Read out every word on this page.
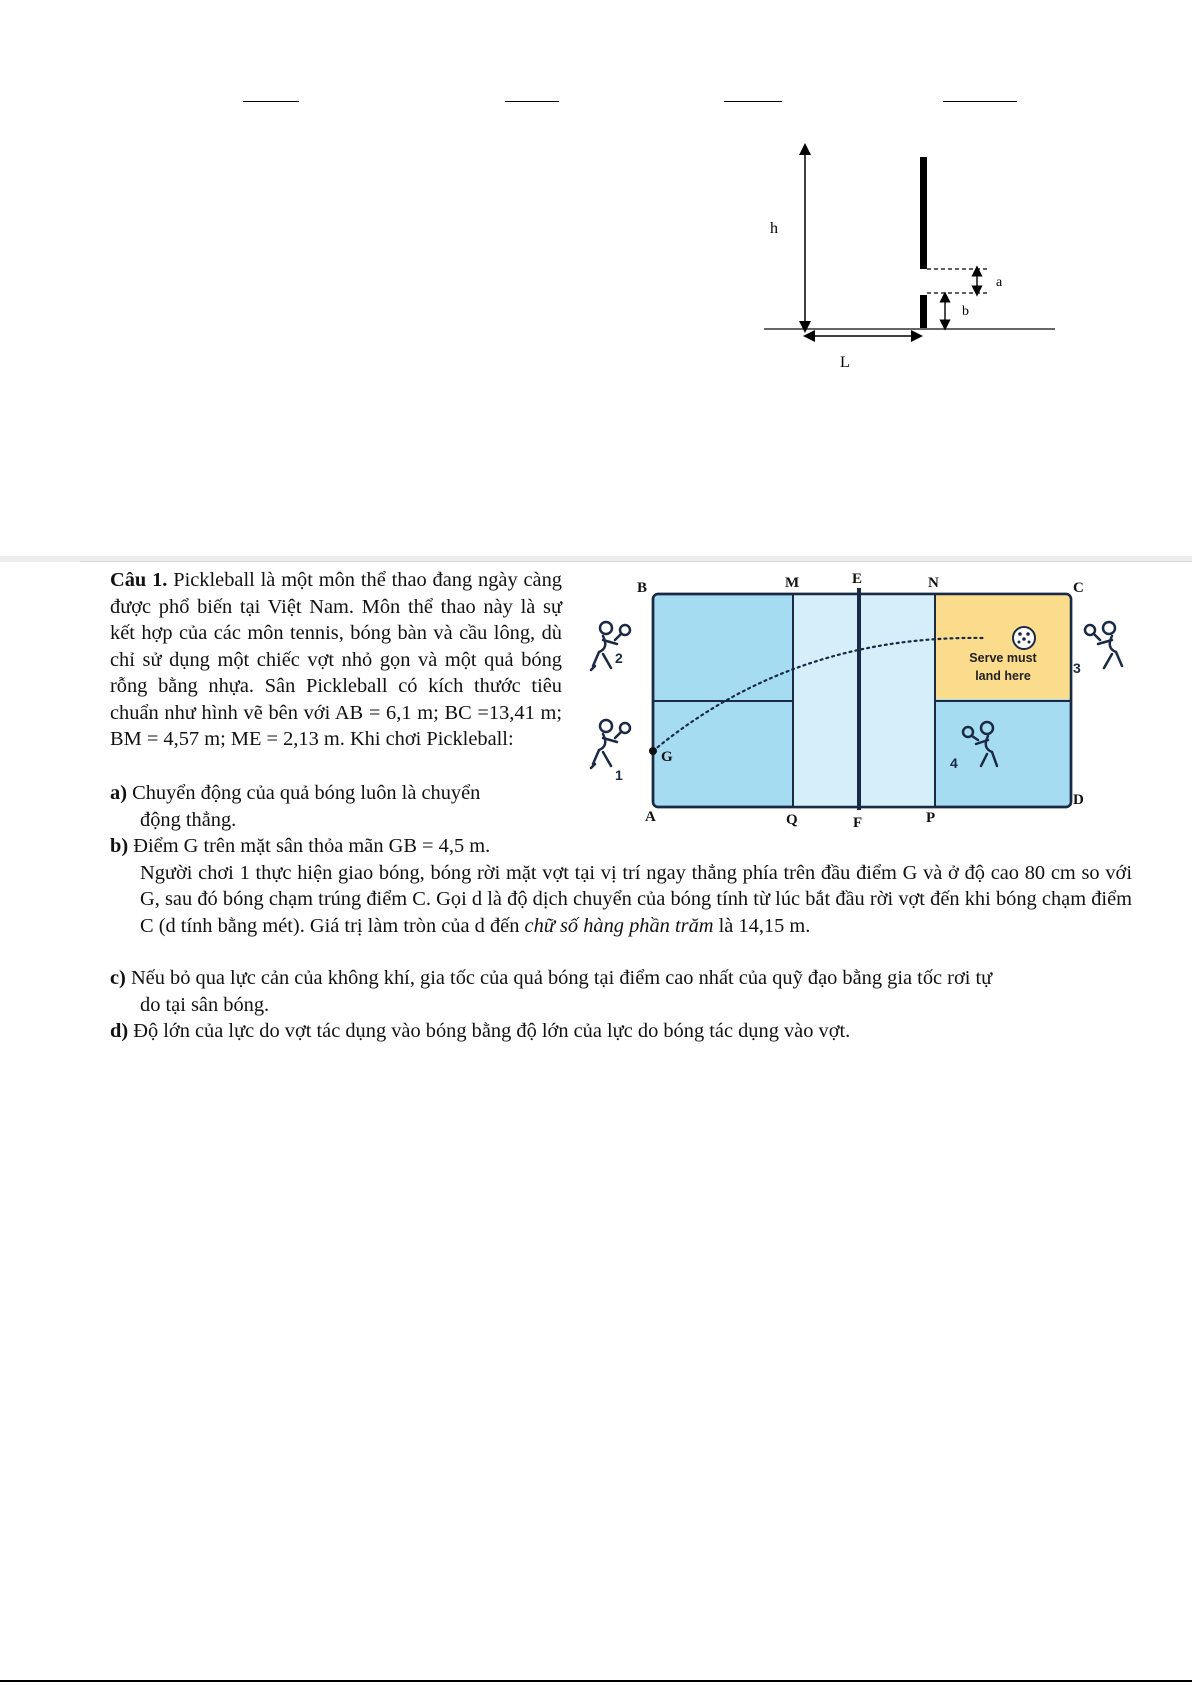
h
a
b
L

Câu 1. Pickleball là một môn thể thao đang ngày càng được phổ biến tại Việt Nam. Môn thể thao này là sự kết hợp của các môn tennis, bóng bàn và cầu lông, dù chỉ sử dụng một chiếc vợt nhỏ gọn và một quả bóng rỗng bằng nhựa. Sân Pickleball có kích thước tiêu chuẩn như hình vẽ bên với AB = 6,1 m; BC =13,41 m; BM = 4,57 m; ME = 2,13 m. Khi chơi Pickleball:

a) Chuyển động của quả bóng luôn là chuyển
động thẳng.

b) Điểm G trên mặt sân thỏa mãn GB = 4,5 m.
Người chơi 1 thực hiện giao bóng, bóng rời mặt vợt tại vị trí ngay thẳng phía trên đầu điểm G và ở độ cao 80 cm so với G, sau đó bóng chạm trúng điểm C. Gọi d là độ dịch chuyển của bóng tính từ lúc bắt đầu rời vợt đến khi bóng chạm điểm C (d tính bằng mét). Giá trị làm tròn của d đến chữ số hàng phần trăm là 14,15 m.

c) Nếu bỏ qua lực cản của không khí, gia tốc của quả bóng tại điểm cao nhất của quỹ đạo bằng gia tốc rơi tự
do tại sân bóng.

d) Độ lớn của lực do vợt tác dụng vào bóng bằng độ lớn của lực do bóng tác dụng vào vợt.

B	M	E	N	C
G
A	Q	F	P
D
Serve must
land here
2
1
3
4
